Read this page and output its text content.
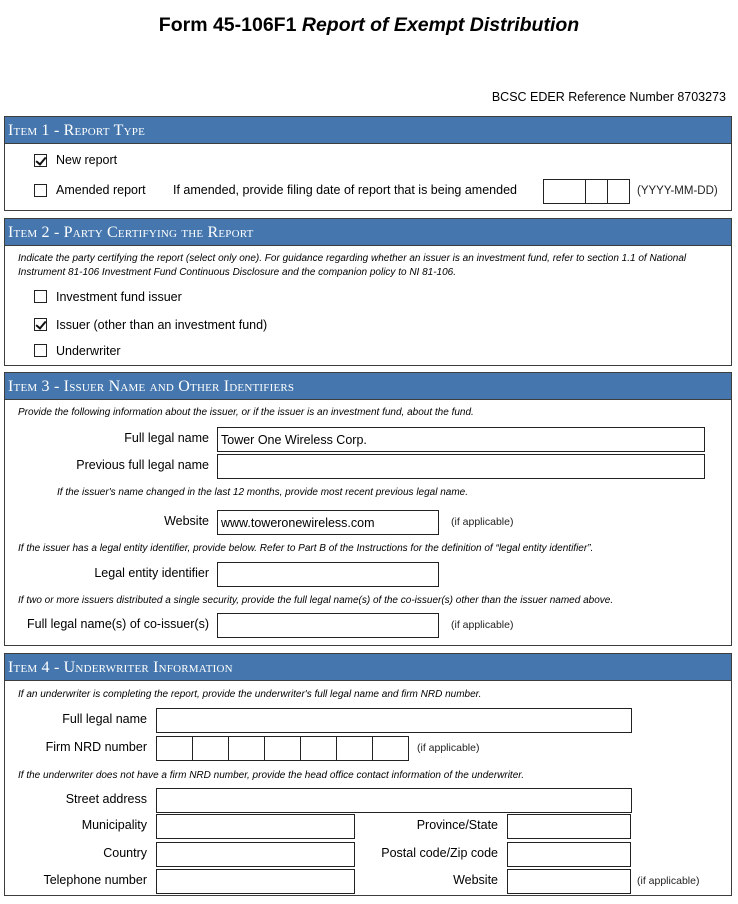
Form 45-106F1 Report of Exempt Distribution
BCSC EDER Reference Number 8703273
Item 1 - Report Type
New report
Amended report If amended, provide filing date of report that is being amended	(YYYY-MM-DD)
Item 2 - Party Certifying the Report
Indicate the party certifying the report (select only one). For guidance regarding whether an issuer is an investment fund, refer to section 1.1 of National
Instrument 81-106 Investment Fund Continuous Disclosure and the companion policy to NI 81-106.
Investment fund issuer
Issuer (other than an investment fund)
Underwriter
Item 3 - Issuer Name and Other Identifiers
Provide the following information about the issuer, or if the issuer is an investment fund, about the fund.
Full legal name Tower One Wireless Corp.
Previous full legal name
If the issuer's name changed in the last 12 months, provide most recent previous legal name.
Website www.toweronewireless.com	(if applicable)
If the issuer has a legal entity identifier, provide below. Refer to Part B of the Instructions for the definition of “legal entity identifier”.
Legal entity identifier
If two or more issuers distributed a single security, provide the full legal name(s) of the co-issuer(s) other than the issuer named above.
Full legal name(s) of co-issuer(s)	(if applicable)
Item 4 - Underwriter Information
If an underwriter is completing the report, provide the underwriter's full legal name and firm NRD number.
Full legal name
Firm NRD number	(if applicable)
If the underwriter does not have a firm NRD number, provide the head office contact information of the underwriter.
Street address
Municipality	Province/State
Country	Postal code/Zip code
Telephone number	Website	(if applicable)
